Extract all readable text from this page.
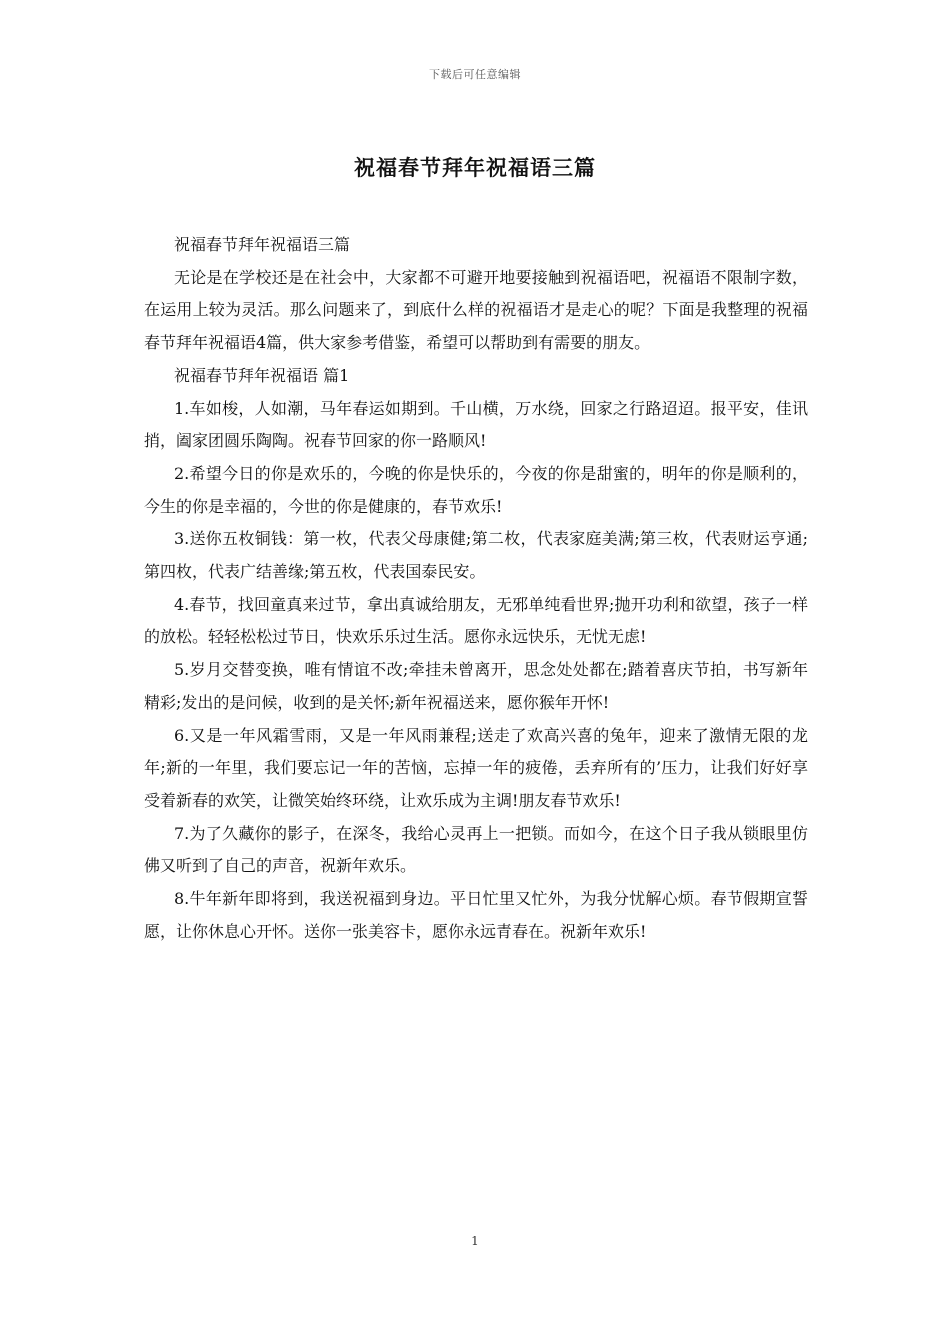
下载后可任意编辑
祝福春节拜年祝福语三篇

祝福春节拜年祝福语三篇

无论是在学校还是在社会中，大家都不可避开地要接触到祝福语吧，祝福语不限制字数，在运用上较为灵活。那么问题来了，到底什么样的祝福语才是走心的呢？下面是我整理的祝福春节拜年祝福语4篇，供大家参考借鉴，希望可以帮助到有需要的朋友。

祝福春节拜年祝福语 篇1

1.车如梭，人如潮，马年春运如期到。千山横，万水绕，回家之行路迢迢。报平安，佳讯捎，阖家团圆乐陶陶。祝春节回家的你一路顺风!

2.希望今日的你是欢乐的，今晚的你是快乐的，今夜的你是甜蜜的，明年的你是顺利的，今生的你是幸福的，今世的你是健康的，春节欢乐!

3.送你五枚铜钱：第一枚，代表父母康健;第二枚，代表家庭美满;第三枚，代表财运亨通;第四枚，代表广结善缘;第五枚，代表国泰民安。

4.春节，找回童真来过节，拿出真诚给朋友，无邪单纯看世界;抛开功利和欲望，孩子一样的放松。轻轻松松过节日，快欢乐乐过生活。愿你永远快乐，无忧无虑!

5.岁月交替变换，唯有情谊不改;牵挂未曾离开，思念处处都在;踏着喜庆节拍，书写新年精彩;发出的是问候，收到的是关怀;新年祝福送来，愿你猴年开怀!

6.又是一年风霜雪雨，又是一年风雨兼程;送走了欢高兴喜的兔年，迎来了激情无限的龙年;新的一年里，我们要忘记一年的苦恼，忘掉一年的疲倦，丢弃所有的’压力，让我们好好享受着新春的欢笑，让微笑始终环绕，让欢乐成为主调!朋友春节欢乐!

7.为了久藏你的影子，在深冬，我给心灵再上一把锁。而如今，在这个日子我从锁眼里仿佛又听到了自己的声音，祝新年欢乐。

8.牛年新年即将到，我送祝福到身边。平日忙里又忙外，为我分忧解心烦。春节假期宣誓愿，让你休息心开怀。送你一张美容卡，愿你永远青春在。祝新年欢乐!

1
